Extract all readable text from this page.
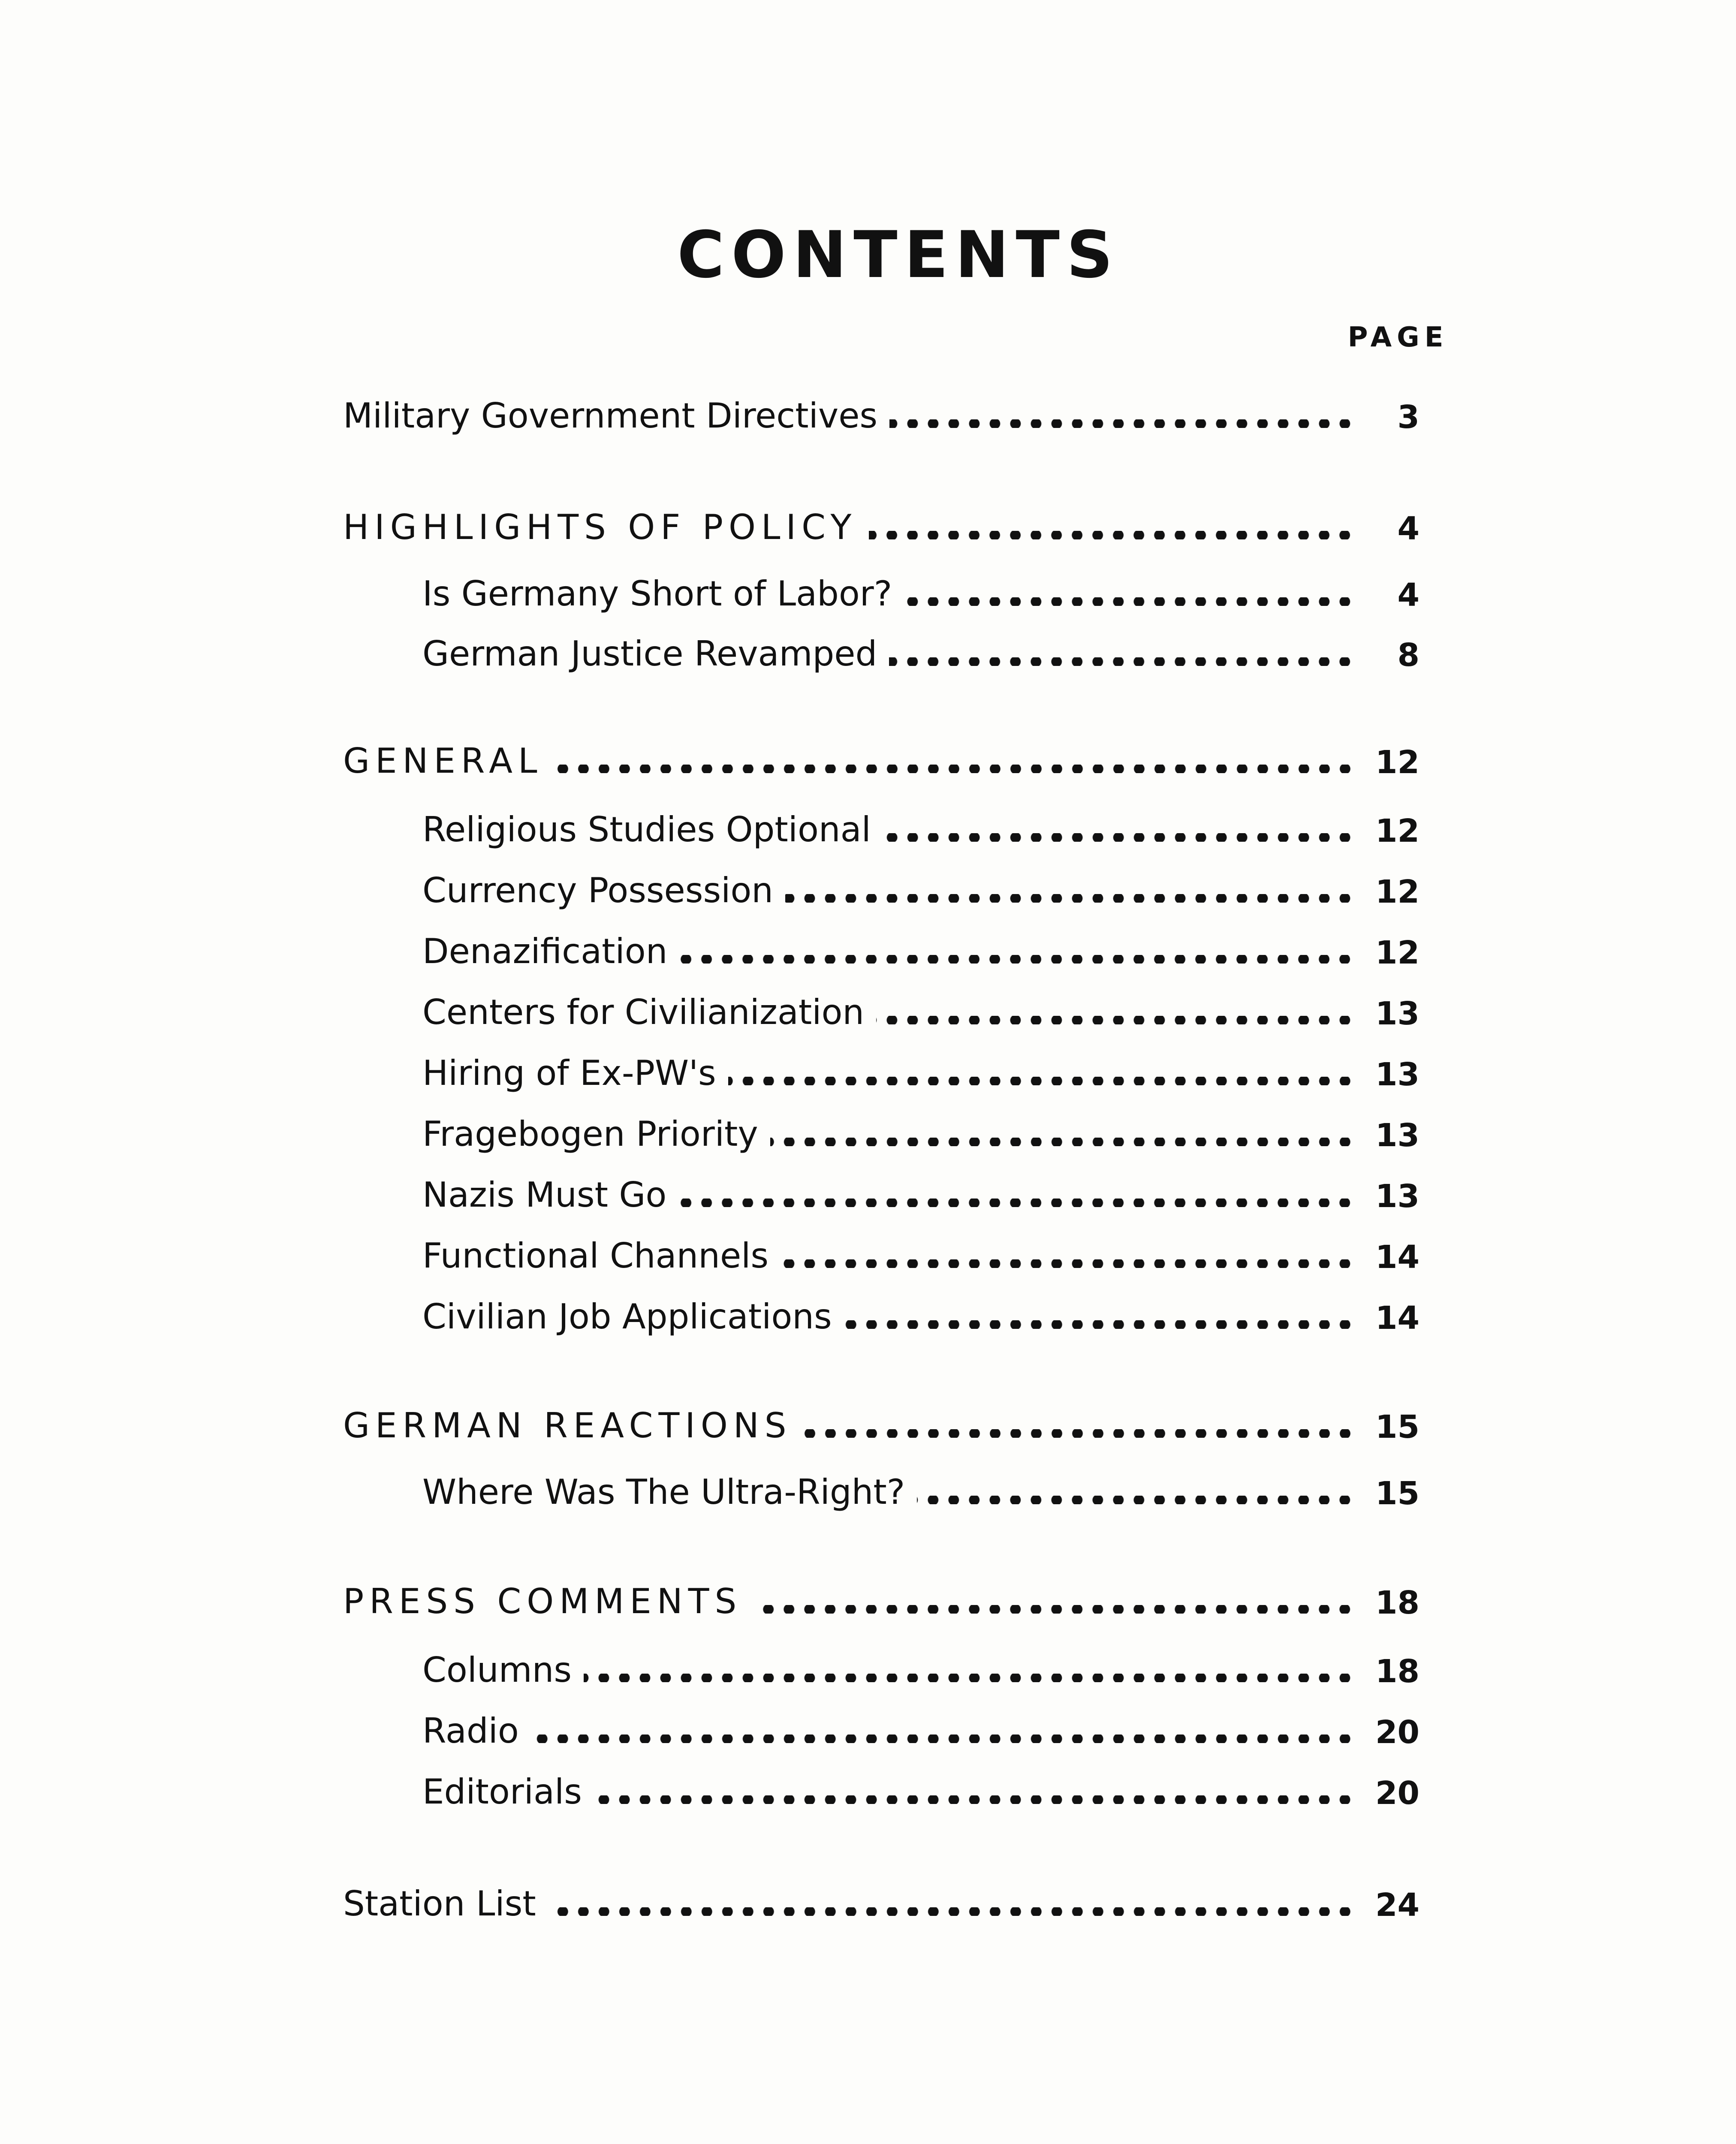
CONTENTS
PAGE
Military Government Directives	3
HIGHLIGHTS OF POLICY	4
Is Germany Short of Labor?	4
German Justice Revamped	8
GENERAL	12
Religious Studies Optional	12
Currency Possession	12
Denazification	12
Centers for Civilianization	13
Hiring of Ex-PW's	13
Fragebogen Priority	13
Nazis Must Go	13
Functional Channels	14
Civilian Job Applications	14
GERMAN REACTIONS	15
Where Was The Ultra-Right?	15
PRESS COMMENTS	18
Columns	18
Radio	20
Editorials	20
Station List	24
